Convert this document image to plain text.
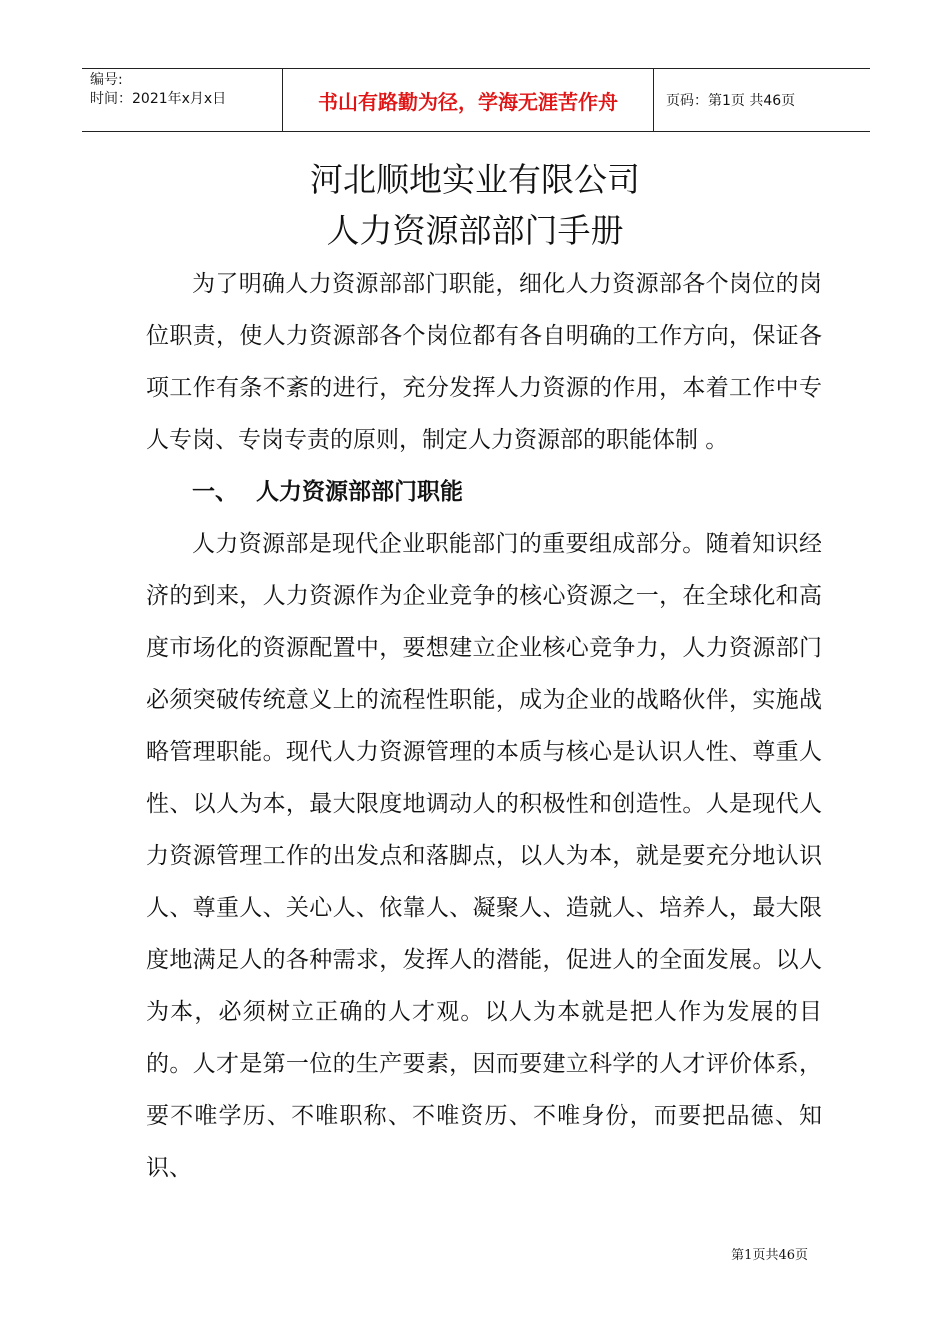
编号:
时间：2021年x月x日	书山有路勤为径，学海无涯苦作舟	页码：第1页 共46页
河北顺地实业有限公司
人力资源部部门手册

为了明确人力资源部部门职能，细化人力资源部各个岗位的岗位职责，使人力资源部各个岗位都有各自明确的工作方向，保证各项工作有条不紊的进行，充分发挥人力资源的作用，本着工作中专人专岗、专岗专责的原则，制定人力资源部的职能体制 。

一、 人力资源部部门职能

人力资源部是现代企业职能部门的重要组成部分。随着知识经济的到来，人力资源作为企业竞争的核心资源之一，在全球化和高度市场化的资源配置中，要想建立企业核心竞争力，人力资源部门必须突破传统意义上的流程性职能，成为企业的战略伙伴，实施战略管理职能。现代人力资源管理的本质与核心是认识人性、尊重人性、以人为本，最大限度地调动人的积极性和创造性。人是现代人力资源管理工作的出发点和落脚点，以人为本，就是要充分地认识人、尊重人、关心人、依靠人、凝聚人、造就人、培养人，最大限度地满足人的各种需求，发挥人的潜能，促进人的全面发展。以人为本，必须树立正确的人才观。以人为本就是把人作为发展的目的。人才是第一位的生产要素，因而要建立科学的人才评价体系，要不唯学历、不唯职称、不唯资历、不唯身份，而要把品德、知识、

第1页共46页
